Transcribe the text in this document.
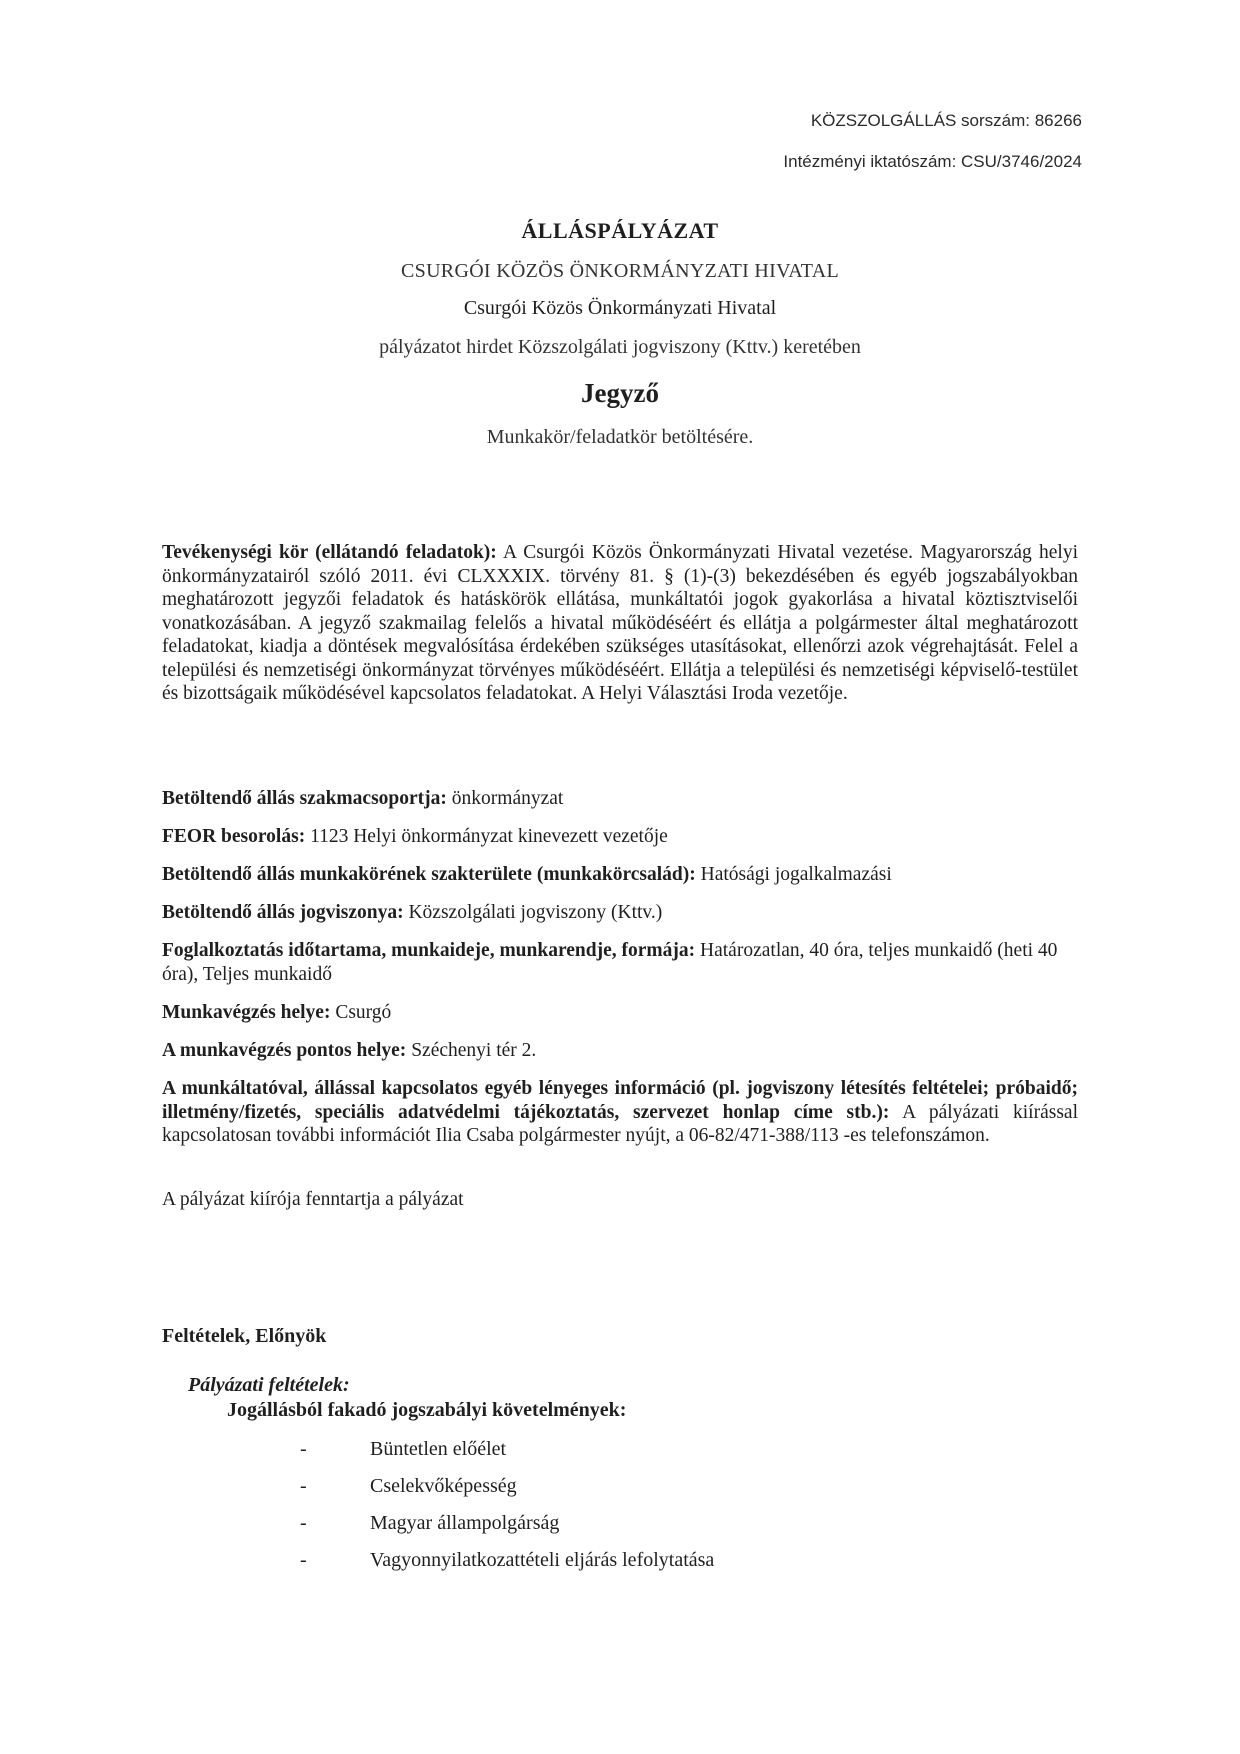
KÖZSZOLGÁLLÁS sorszám: 86266
Intézményi iktatószám: CSU/3746/2024
ÁLLÁSPÁLYÁZAT
CSURGÓI KÖZÖS ÖNKORMÁNYZATI HIVATAL
Csurgói Közös Önkormányzati Hivatal
pályázatot hirdet Közszolgálati jogviszony (Kttv.) keretében
Jegyző
Munkakör/feladatkör betöltésére.
Tevékenységi kör (ellátandó feladatok): A Csurgói Közös Önkormányzati Hivatal vezetése. Magyarország helyi önkormányzatairól szóló 2011. évi CLXXXIX. törvény 81. § (1)-(3) bekezdésében és egyéb jogszabályokban meghatározott jegyzői feladatok és hatáskörök ellátása, munkáltatói jogok gyakorlása a hivatal köztisztviselői vonatkozásában. A jegyző szakmailag felelős a hivatal működéséért és ellátja a polgármester által meghatározott feladatokat, kiadja a döntések megvalósítása érdekében szükséges utasításokat, ellenőrzi azok végrehajtását. Felel a települési és nemzetiségi önkormányzat törvényes működéséért. Ellátja a települési és nemzetiségi képviselő-testület és bizottságaik működésével kapcsolatos feladatokat. A Helyi Választási Iroda vezetője.
Betöltendő állás szakmacsoportja: önkormányzat
FEOR besorolás: 1123 Helyi önkormányzat kinevezett vezetője
Betöltendő állás munkakörének szakterülete (munkakörcsalád): Hatósági jogalkalmazási
Betöltendő állás jogviszonya: Közszolgálati jogviszony (Kttv.)
Foglalkoztatás időtartama, munkaideje, munkarendje, formája: Határozatlan, 40 óra, teljes munkaidő (heti 40 óra), Teljes munkaidő
Munkavégzés helye: Csurgó
A munkavégzés pontos helye: Széchenyi tér 2.
A munkáltatóval, állással kapcsolatos egyéb lényeges információ (pl. jogviszony létesítés feltételei; próbaidő; illetmény/fizetés, speciális adatvédelmi tájékoztatás, szervezet honlap címe stb.): A pályázati kiírással kapcsolatosan további információt Ilia Csaba polgármester nyújt, a 06-82/471-388/113 -es telefonszámon.
A pályázat kiírója fenntartja a pályázat
Feltételek, Előnyök
Pályázati feltételek:
Jogállásból fakadó jogszabályi követelmények:
-	Büntetlen előélet
-	Cselekvőképesség
-	Magyar állampolgárság
-	Vagyonnyilatkozattételi eljárás lefolytatása
